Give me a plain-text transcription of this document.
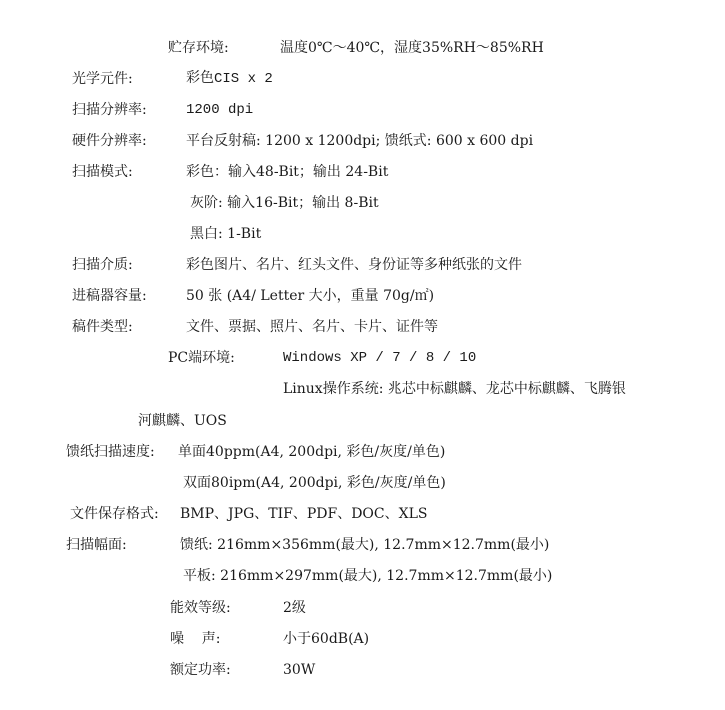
贮存环境:	温度0℃～40℃，湿度35%RH～85%RH
光学元件:	彩色CIS x 2
扫描分辨率:	1200 dpi
硬件分辨率:	平台反射稿: 1200 x 1200dpi; 馈纸式: 600 x 600 dpi
扫描模式:	彩色：输入48-Bit；输出 24-Bit
灰阶: 输入16-Bit；输出 8-Bit
黑白: 1-Bit
扫描介质:	彩色图片、名片、红头文件、身份证等多种纸张的文件
进稿器容量:	50 张 (A4/ Letter 大小，重量 70g/㎡)
稿件类型:	文件、票据、照片、名片、卡片、证件等
PC端环境:	Windows XP / 7 / 8 / 10
Linux操作系统: 兆芯中标麒麟、龙芯中标麒麟、飞腾银
河麒麟、UOS
馈纸扫描速度: 单面40ppm(A4, 200dpi, 彩色/灰度/单色)
双面80ipm(A4, 200dpi, 彩色/灰度/单色)
文件保存格式: BMP、JPG、TIF、PDF、DOC、XLS
扫描幅面:	馈纸: 216mm×356mm(最大), 12.7mm×12.7mm(最小)
平板: 216mm×297mm(最大), 12.7mm×12.7mm(最小)
能效等级:	2级
噪    声:	小于60dB(A)
额定功率:	30W
